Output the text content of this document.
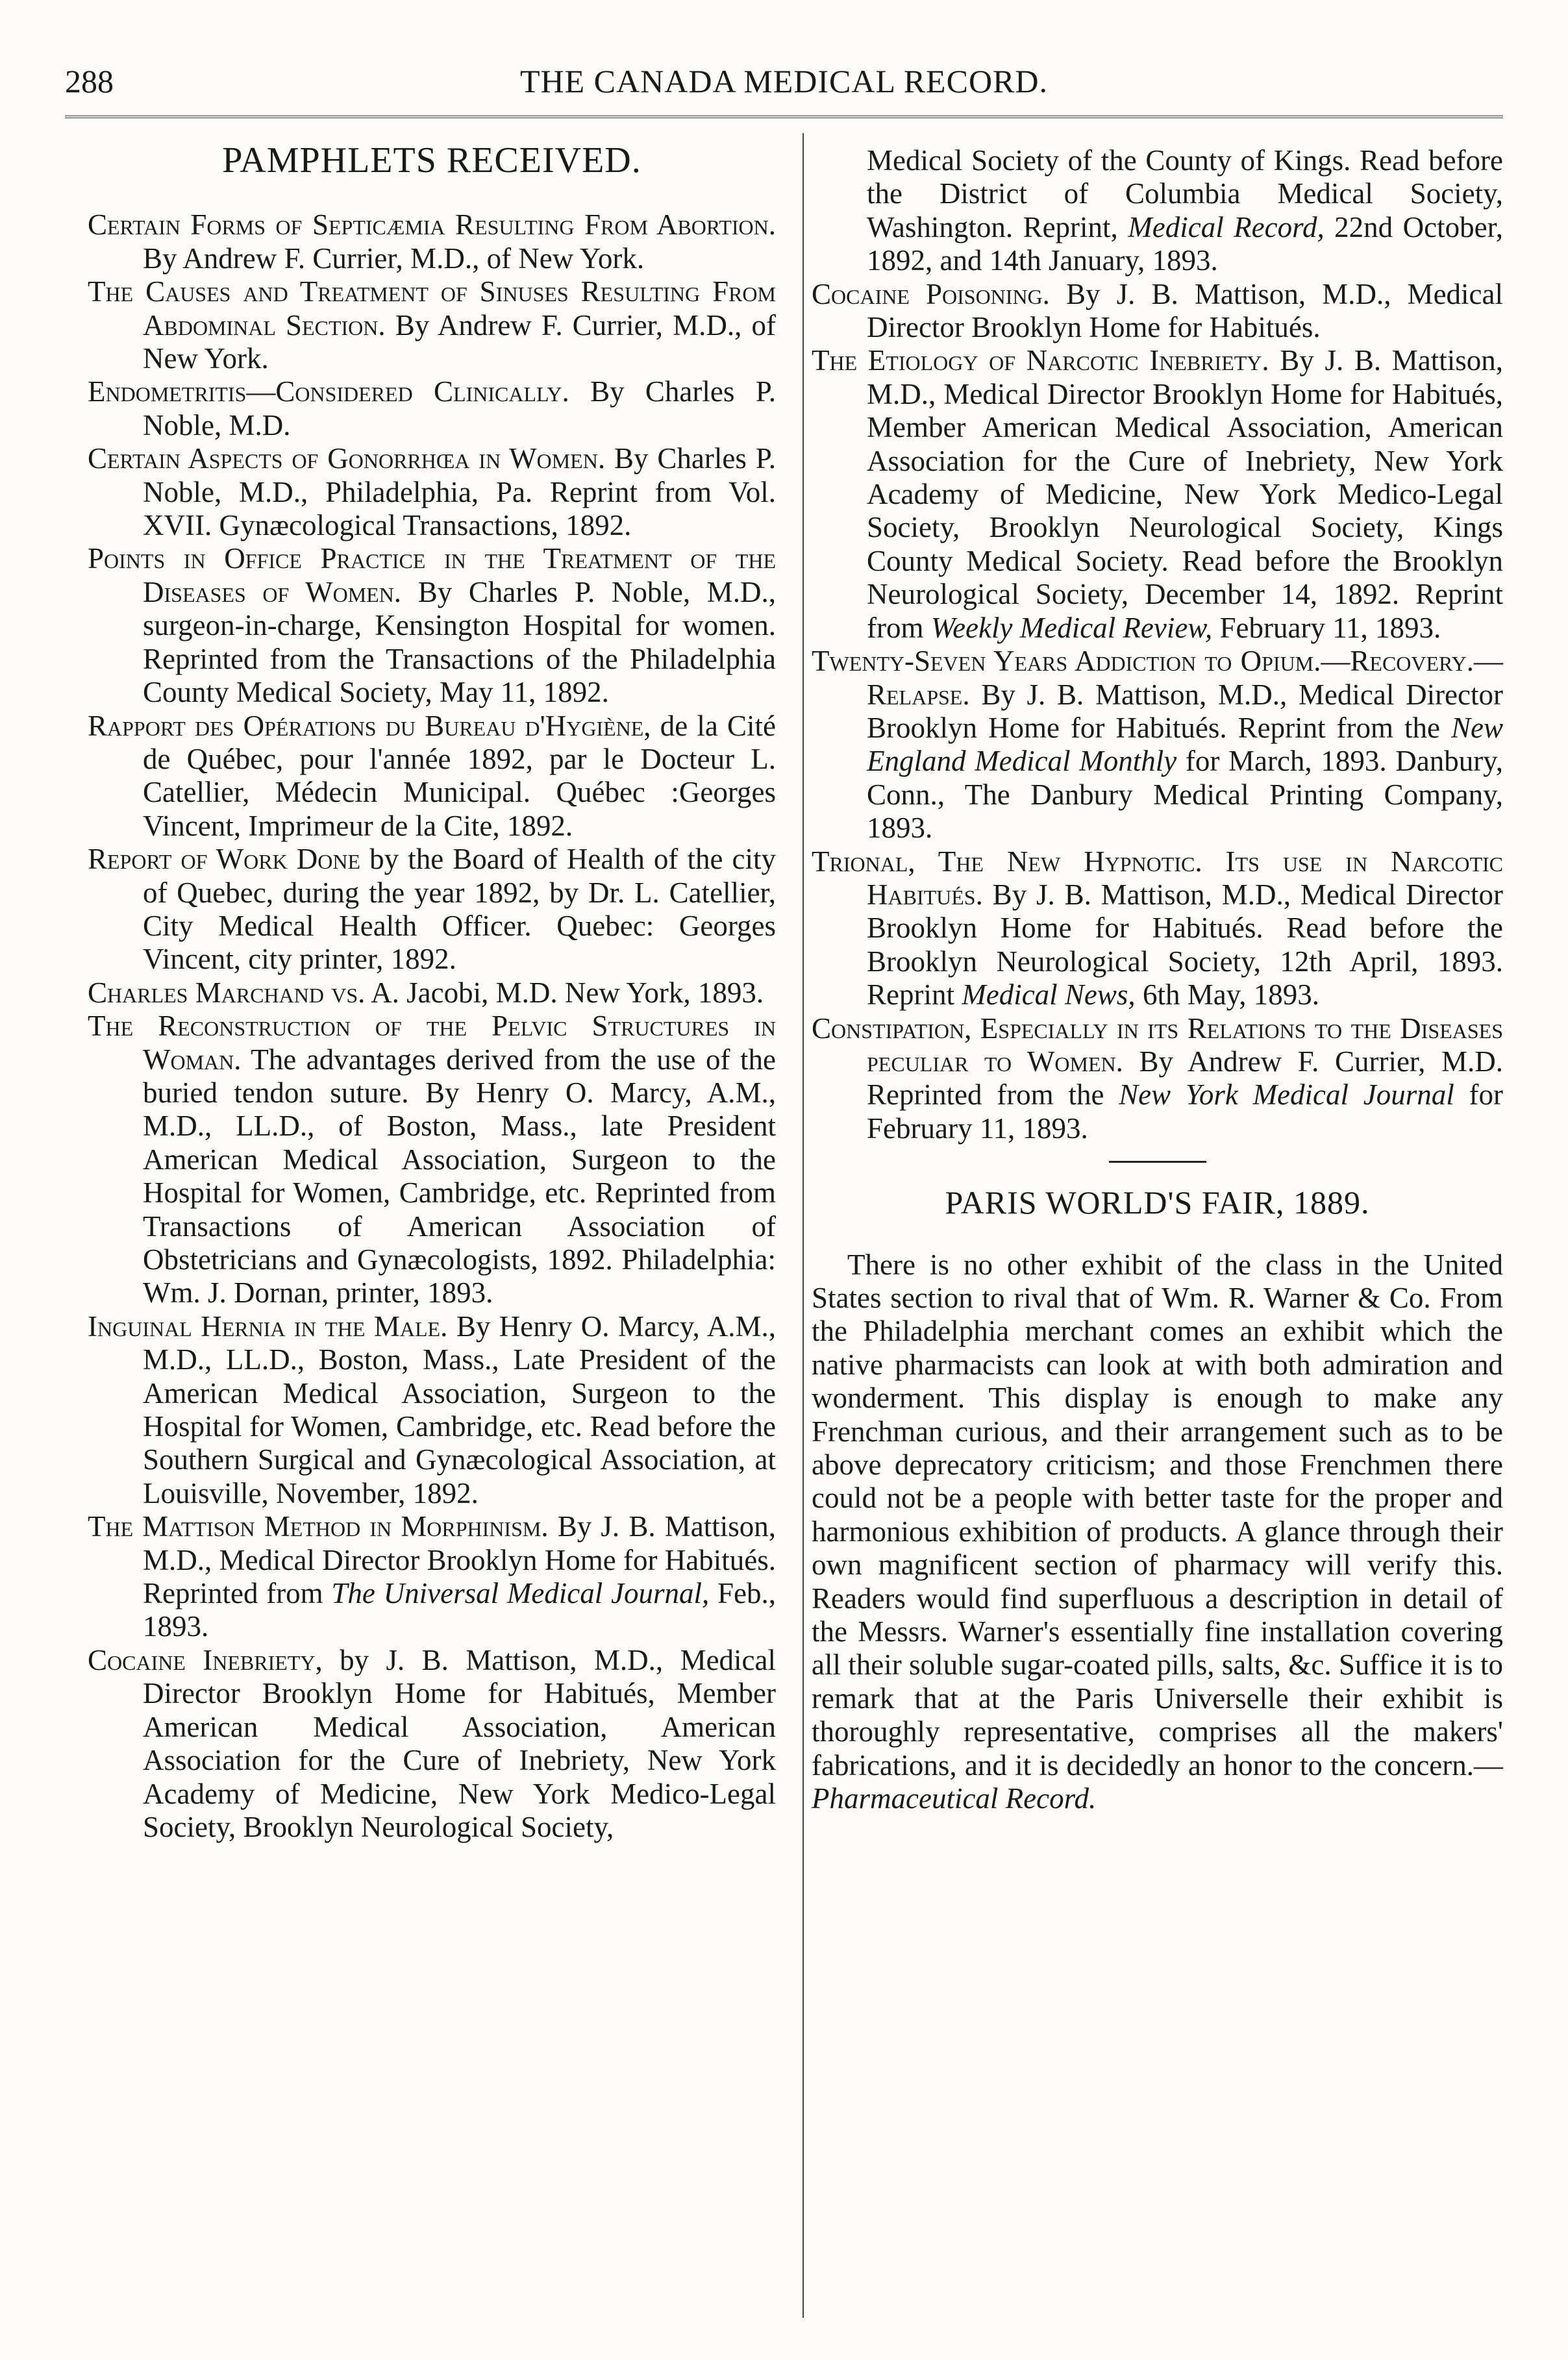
288	THE CANADA MEDICAL RECORD.
PAMPHLETS RECEIVED.

Certain Forms of Septicæmia Resulting From Abortion. By Andrew F. Currier, M.D., of New York.

The Causes and Treatment of Sinuses Resulting From Abdominal Section. By Andrew F. Currier, M.D., of New York.

Endometritis—Considered Clinically. By Charles P. Noble, M.D.

Certain Aspects of Gonorrhœa in Women. By Charles P. Noble, M.D., Philadelphia, Pa. Reprint from Vol. XVII. Gynæcological Transactions, 1892.

Points in Office Practice in the Treatment of the Diseases of Women. By Charles P. Noble, M.D., surgeon-in-charge, Kensington Hospital for women. Reprinted from the Transactions of the Philadelphia County Medical Society, May 11, 1892.

Rapport des Opérations du Bureau d'Hygiène, de la Cité de Québec, pour l'année 1892, par le Docteur L. Catellier, Médecin Municipal. Québec :Georges Vincent, Imprimeur de la Cite, 1892.

Report of Work Done by the Board of Health of the city of Quebec, during the year 1892, by Dr. L. Catellier, City Medical Health Officer. Quebec: Georges Vincent, city printer, 1892.

Charles Marchand vs. A. Jacobi, M.D. New York, 1893.

The Reconstruction of the Pelvic Structures in Woman. The advantages derived from the use of the buried tendon suture. By Henry O. Marcy, A.M., M.D., LL.D., of Boston, Mass., late President American Medical Association, Surgeon to the Hospital for Women, Cambridge, etc. Reprinted from Transactions of American Association of Obstetricians and Gynæcologists, 1892. Philadelphia: Wm. J. Dornan, printer, 1893.

Inguinal Hernia in the Male. By Henry O. Marcy, A.M., M.D., LL.D., Boston, Mass., Late President of the American Medical Association, Surgeon to the Hospital for Women, Cambridge, etc. Read before the Southern Surgical and Gynæcological Association, at Louisville, November, 1892.

The Mattison Method in Morphinism. By J. B. Mattison, M.D., Medical Director Brooklyn Home for Habitués. Reprinted from The Universal Medical Journal, Feb., 1893.

Cocaine Inebriety, by J. B. Mattison, M.D., Medical Director Brooklyn Home for Habitués, Member American Medical Association, American Association for the Cure of Inebriety, New York Academy of Medicine, New York Medico-Legal Society, Brooklyn Neurological Society,

Medical Society of the County of Kings. Read before the District of Columbia Medical Society, Washington. Reprint, Medical Record, 22nd October, 1892, and 14th January, 1893.

Cocaine Poisoning. By J. B. Mattison, M.D., Medical Director Brooklyn Home for Habitués.

The Etiology of Narcotic Inebriety. By J. B. Mattison, M.D., Medical Director Brooklyn Home for Habitués, Member American Medical Association, American Association for the Cure of Inebriety, New York Academy of Medicine, New York Medico-Legal Society, Brooklyn Neurological Society, Kings County Medical Society. Read before the Brooklyn Neurological Society, December 14, 1892. Reprint from Weekly Medical Review, February 11, 1893.

Twenty-Seven Years Addiction to Opium.—Recovery.—Relapse. By J. B. Mattison, M.D., Medical Director Brooklyn Home for Habitués. Reprint from the New England Medical Monthly for March, 1893. Danbury, Conn., The Danbury Medical Printing Company, 1893.

Trional, The New Hypnotic. Its use in Narcotic Habitués. By J. B. Mattison, M.D., Medical Director Brooklyn Home for Habitués. Read before the Brooklyn Neurological Society, 12th April, 1893. Reprint Medical News, 6th May, 1893.

Constipation, Especially in its Relations to the Diseases peculiar to Women. By Andrew F. Currier, M.D. Reprinted from the New York Medical Journal for February 11, 1893.

PARIS WORLD'S FAIR, 1889.

There is no other exhibit of the class in the United States section to rival that of Wm. R. Warner & Co. From the Philadelphia merchant comes an exhibit which the native pharmacists can look at with both admiration and wonderment. This display is enough to make any Frenchman curious, and their arrangement such as to be above deprecatory criticism; and those Frenchmen there could not be a people with better taste for the proper and harmonious exhibition of products. A glance through their own magnificent section of pharmacy will verify this. Readers would find superfluous a description in detail of the Messrs. Warner's essentially fine installation covering all their soluble sugar-coated pills, salts, &c. Suffice it is to remark that at the Paris Universelle their exhibit is thoroughly representative, comprises all the makers' fabrications, and it is decidedly an honor to the concern.—Pharmaceutical Record.
